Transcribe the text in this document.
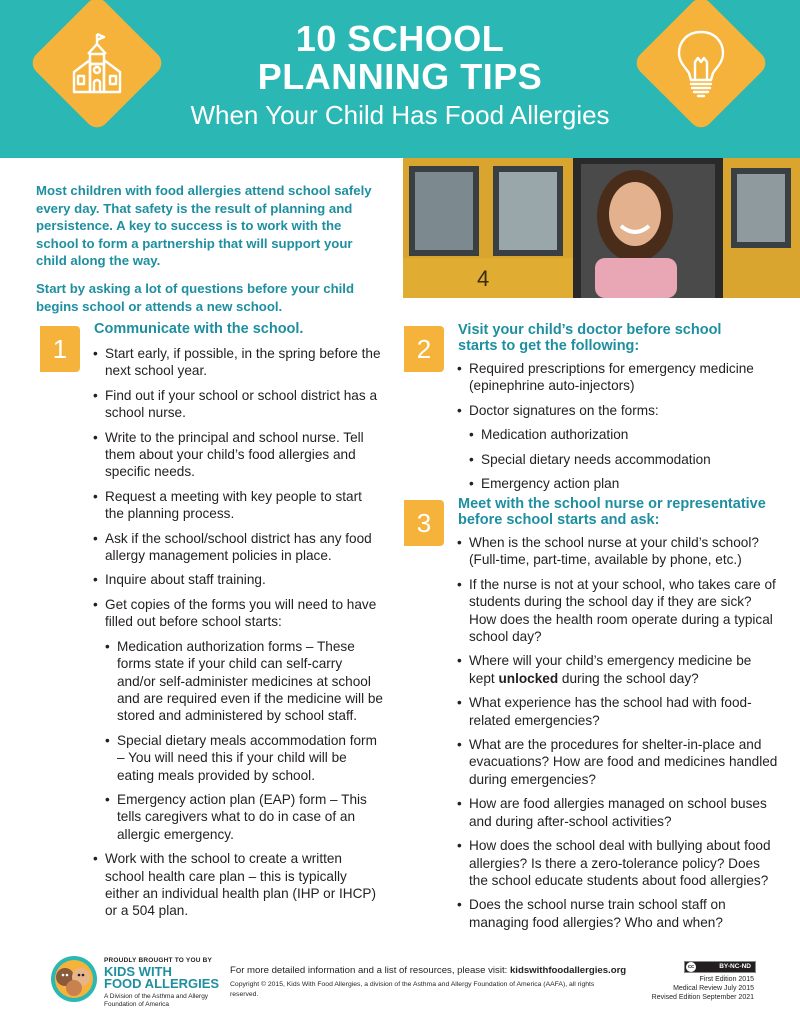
10 SCHOOL
PLANNING TIPS
When Your Child Has Food Allergies
4

Most children with food allergies attend school safely every day. That safety is the result of planning and persistence. A key to success is to work with the school to form a partnership that will support your child along the way.

Start by asking a lot of questions before your child begins school or attends a new school.

1
Communicate with the school.
• Start early, if possible, in the spring before the next school year.
• Find out if your school or school district has a school nurse.
• Write to the principal and school nurse. Tell them about your child’s food allergies and specific needs.
• Request a meeting with key people to start the planning process.
• Ask if the school/school district has any food allergy management policies in place.
• Inquire about staff training.
• Get copies of the forms you will need to have filled out before school starts:
• Medication authorization forms – These forms state if your child can self-carry and/or self-administer medicines at school and are required even if the medicine will be stored and administered by school staff.
• Special dietary meals accommodation form – You will need this if your child will be eating meals provided by school.
• Emergency action plan (EAP) form – This tells caregivers what to do in case of an allergic emergency.
• Work with the school to create a written school health care plan – this is typically either an individual health plan (IHP or IHCP) or a 504 plan.
2
Visit your child’s doctor before school starts to get the following:
• Required prescriptions for emergency medicine (epinephrine auto-injectors)
• Doctor signatures on the forms:
• Medication authorization
• Special dietary needs accommodation
• Emergency action plan
3
Meet with the school nurse or representative before school starts and ask:
• When is the school nurse at your child’s school? (Full-time, part-time, available by phone, etc.)
• If the nurse is not at your school, who takes care of students during the school day if they are sick? How does the health room operate during a typical school day?
• Where will your child’s emergency medicine be kept unlocked during the school day?
• What experience has the school had with food-related emergencies?
• What are the procedures for shelter-in-place and evacuations? How are food and medicines handled during emergencies?
• How are food allergies managed on school buses and during after-school activities?
• How does the school deal with bullying about food allergies? Is there a zero-tolerance policy? Does the school educate students about food allergies?
• Does the school nurse train school staff on managing food allergies? Who and when?
PROUDLY BROUGHT TO YOU BY
KIDS WITH
FOOD ALLERGIES
A Division of the Asthma and Allergy Foundation of America
For more detailed information and a list of resources, please visit: kidswithfoodallergies.org
Copyright © 2015, Kids With Food Allergies, a division of the Asthma and Allergy Foundation of America (AAFA), all rights reserved.
cc	BY-NC-ND
First Edition 2015
Medical Review July 2015
Revised Edition September 2021
